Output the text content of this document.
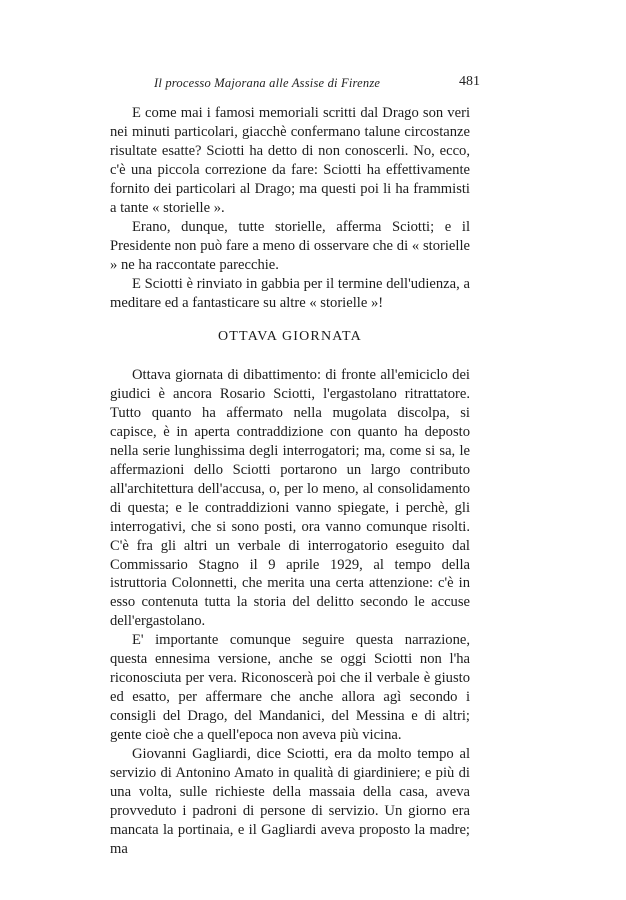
Il processo Majorana alle Assise di Firenze	481

E come mai i famosi memoriali scritti dal Drago son veri nei minuti particolari, giacchè confermano talune circostanze risultate esatte? Sciotti ha detto di non conoscerli. No, ecco, c'è una piccola correzione da fare: Sciotti ha effettivamente fornito dei particolari al Drago; ma questi poi li ha frammisti a tante « storielle ».

Erano, dunque, tutte storielle, afferma Sciotti; e il Presidente non può fare a meno di osservare che di « storielle » ne ha raccontate parecchie.

E Sciotti è rinviato in gabbia per il termine dell'udienza, a meditare ed a fantasticare su altre « storielle »!

OTTAVA GIORNATA

Ottava giornata di dibattimento: di fronte all'emiciclo dei giudici è ancora Rosario Sciotti, l'ergastolano ritrattatore. Tutto quanto ha affermato nella mugolata discolpa, si capisce, è in aperta contraddizione con quanto ha deposto nella serie lunghissima degli interrogatori; ma, come si sa, le affermazioni dello Sciotti portarono un largo contributo all'architettura dell'accusa, o, per lo meno, al consolidamento di questa; e le contraddizioni vanno spiegate, i perchè, gli interrogativi, che si sono posti, ora vanno comunque risolti. C'è fra gli altri un verbale di interrogatorio eseguito dal Commissario Stagno il 9 aprile 1929, al tempo della istruttoria Colonnetti, che merita una certa attenzione: c'è in esso contenuta tutta la storia del delitto secondo le accuse dell'ergastolano.

E' importante comunque seguire questa narrazione, questa ennesima versione, anche se oggi Sciotti non l'ha riconosciuta per vera. Riconoscerà poi che il verbale è giusto ed esatto, per affermare che anche allora agì secondo i consigli del Drago, del Mandanici, del Messina e di altri; gente cioè che a quell'epoca non aveva più vicina.

Giovanni Gagliardi, dice Sciotti, era da molto tempo al servizio di Antonino Amato in qualità di giardiniere; e più di una volta, sulle richieste della massaia della casa, aveva provveduto i padroni di persone di servizio. Un giorno era mancata la portinaia, e il Gagliardi aveva proposto la madre; ma
